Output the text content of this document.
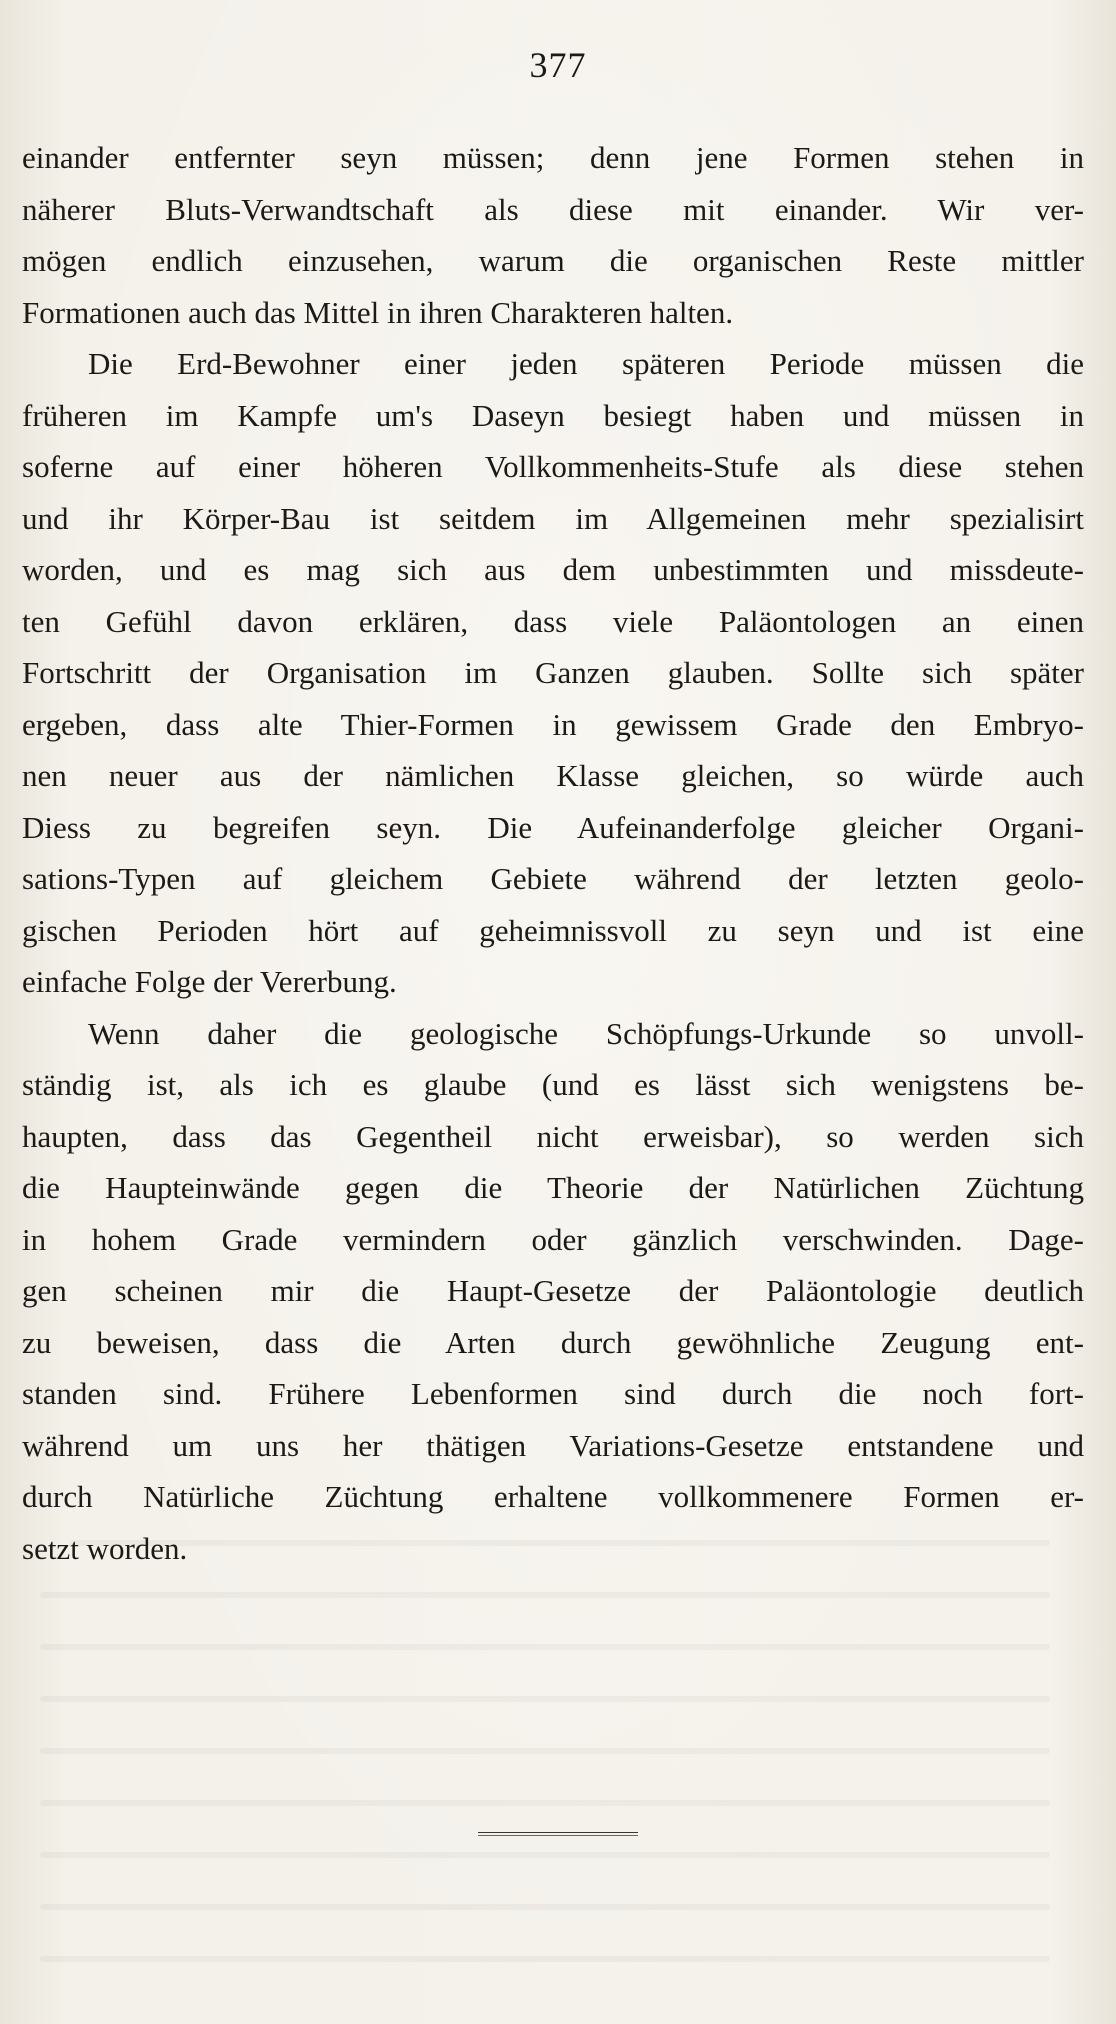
377
einander entfernter seyn müssen; denn jene Formen stehen in
näherer Bluts-Verwandtschaft als diese mit einander. Wir ver-
mögen endlich einzusehen, warum die organischen Reste mittler
Formationen auch das Mittel in ihren Charakteren halten.
Die Erd-Bewohner einer jeden späteren Periode müssen die
früheren im Kampfe um's Daseyn besiegt haben und müssen in
soferne auf einer höheren Vollkommenheits-Stufe als diese stehen
und ihr Körper-Bau ist seitdem im Allgemeinen mehr spezialisirt
worden, und es mag sich aus dem unbestimmten und missdeute-
ten Gefühl davon erklären, dass viele Paläontologen an einen
Fortschritt der Organisation im Ganzen glauben. Sollte sich später
ergeben, dass alte Thier-Formen in gewissem Grade den Embryo-
nen neuer aus der nämlichen Klasse gleichen, so würde auch
Diess zu begreifen seyn. Die Aufeinanderfolge gleicher Organi-
sations-Typen auf gleichem Gebiete während der letzten geolo-
gischen Perioden hört auf geheimnissvoll zu seyn und ist eine
einfache Folge der Vererbung.
Wenn daher die geologische Schöpfungs-Urkunde so unvoll-
ständig ist, als ich es glaube (und es lässt sich wenigstens be-
haupten, dass das Gegentheil nicht erweisbar), so werden sich
die Haupteinwände gegen die Theorie der Natürlichen Züchtung
in hohem Grade vermindern oder gänzlich verschwinden. Dage-
gen scheinen mir die Haupt-Gesetze der Paläontologie deutlich
zu beweisen, dass die Arten durch gewöhnliche Zeugung ent-
standen sind. Frühere Lebenformen sind durch die noch fort-
während um uns her thätigen Variations-Gesetze entstandene und
durch Natürliche Züchtung erhaltene vollkommenere Formen er-
setzt worden.
